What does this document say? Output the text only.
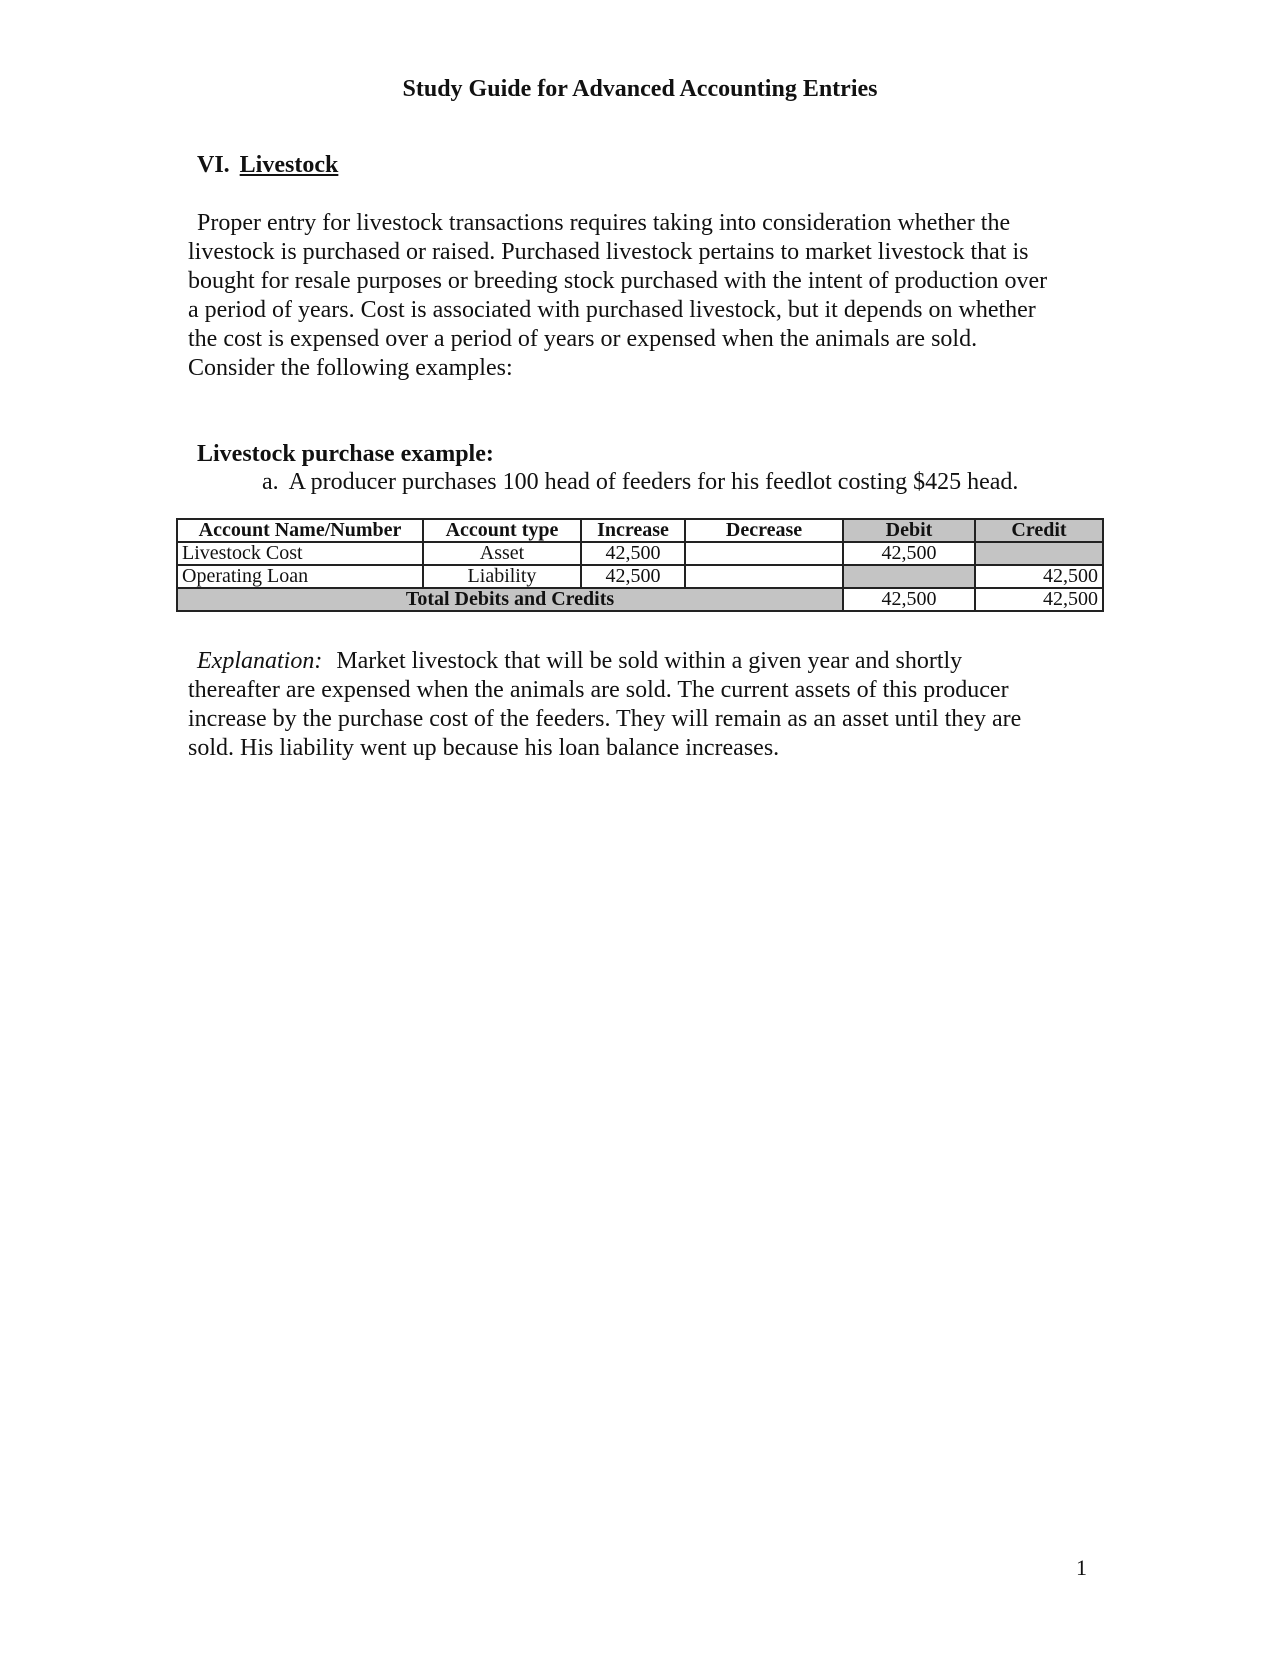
Study Guide for Advanced Accounting Entries
VI. Livestock

Proper entry for livestock transactions requires taking into consideration whether the

livestock is purchased or raised. Purchased livestock pertains to market livestock that is

bought for resale purposes or breeding stock purchased with the intent of production over

a period of years. Cost is associated with purchased livestock, but it depends on whether

the cost is expensed over a period of years or expensed when the animals are sold.

Consider the following examples:

Livestock purchase example:
a. A producer purchases 100 head of feeders for his feedlot costing $425 head.
Account Name/Number	Account type	Increase	Decrease	Debit	Credit
Livestock Cost	Asset	42,500		42,500	
Operating Loan	Liability	42,500			42,500
Total Debits and Credits				42,500	42,500

Explanation: Market livestock that will be sold within a given year and shortly

thereafter are expensed when the animals are sold. The current assets of this producer

increase by the purchase cost of the feeders. They will remain as an asset until they are

sold. His liability went up because his loan balance increases.

1
